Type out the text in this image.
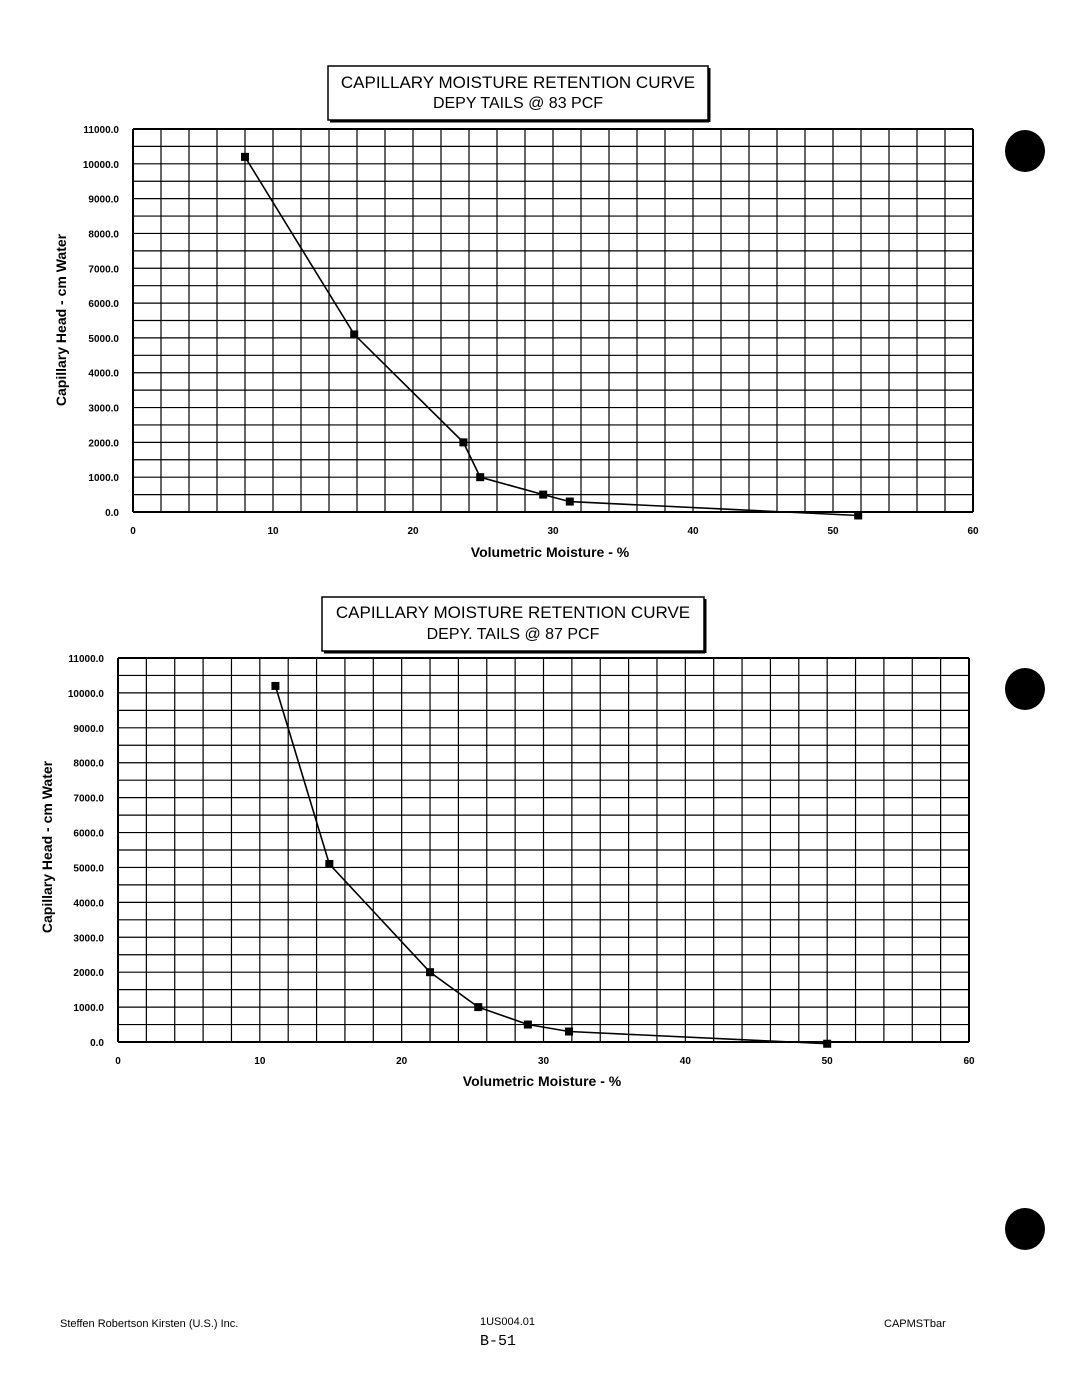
CAPILLARY MOISTURE RETENTION CURVE
DEPY TAILS @ 83 PCF
0.0
1000.0
2000.0
3000.0
4000.0
5000.0
6000.0
7000.0
8000.0
9000.0
10000.0
11000.0
0	10	20	30	40	50	60
Volumetric Moisture - %
Capillary Head - cm Water
CAPILLARY MOISTURE RETENTION CURVE
DEPY. TAILS @ 87 PCF
0.0
1000.0
2000.0
3000.0
4000.0
5000.0
6000.0
7000.0
8000.0
9000.0
10000.0
11000.0
0	10	20	30	40	50	60
Volumetric Moisture - %
Capillary Head - cm Water
Steffen Robertson Kirsten (U.S.) Inc.	1US004.01
B-51
CAPMSTbar
